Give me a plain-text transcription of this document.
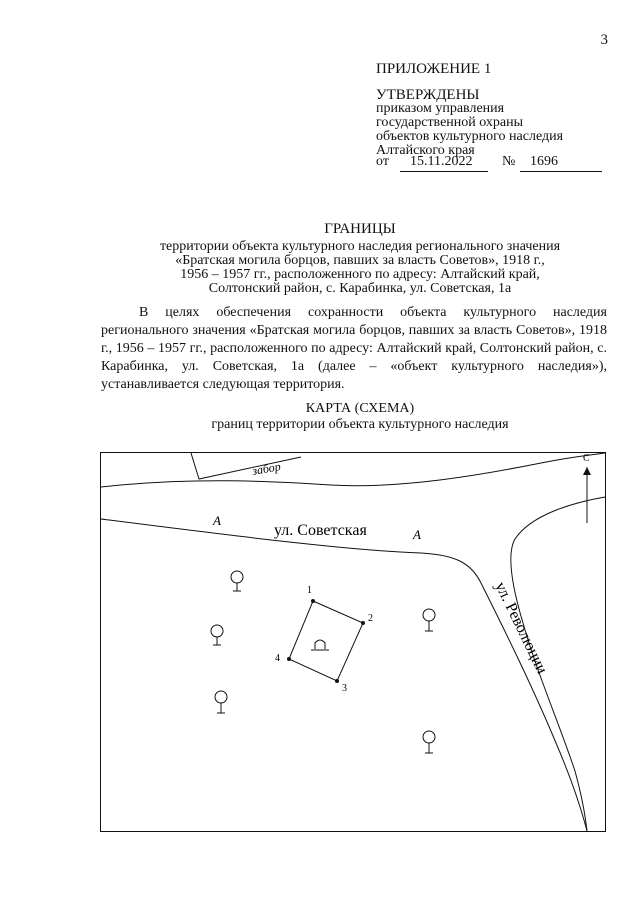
3
ПРИЛОЖЕНИЕ 1
УТВЕРЖДЕНЫ
приказом управления
государственной охраны
объектов культурного наследия
Алтайского края
от 15.11.2022 № 1696
ГРАНИЦЫ
территории объекта культурного наследия регионального значения
«Братская могила борцов, павших за власть Советов», 1918 г.,
1956 – 1957 гг., расположенного по адресу: Алтайский край,
Солтонский район, с. Карабинка, ул. Советская, 1а

В целях обеспечения сохранности объекта культурного наследия регионального значения «Братская могила борцов, павших за власть Советов», 1918 г., 1956 – 1957 гг., расположенного по адресу: Алтайский край, Солтонский район, с. Карабинка, ул. Советская, 1а (далее – «объект культурного наследия»), устанавливается следующая территория.

КАРТА (СХЕМА)
границ территории объекта культурного наследия
забор
ул. Советская
ул. Революции
А
А
С
1
2
3
4
